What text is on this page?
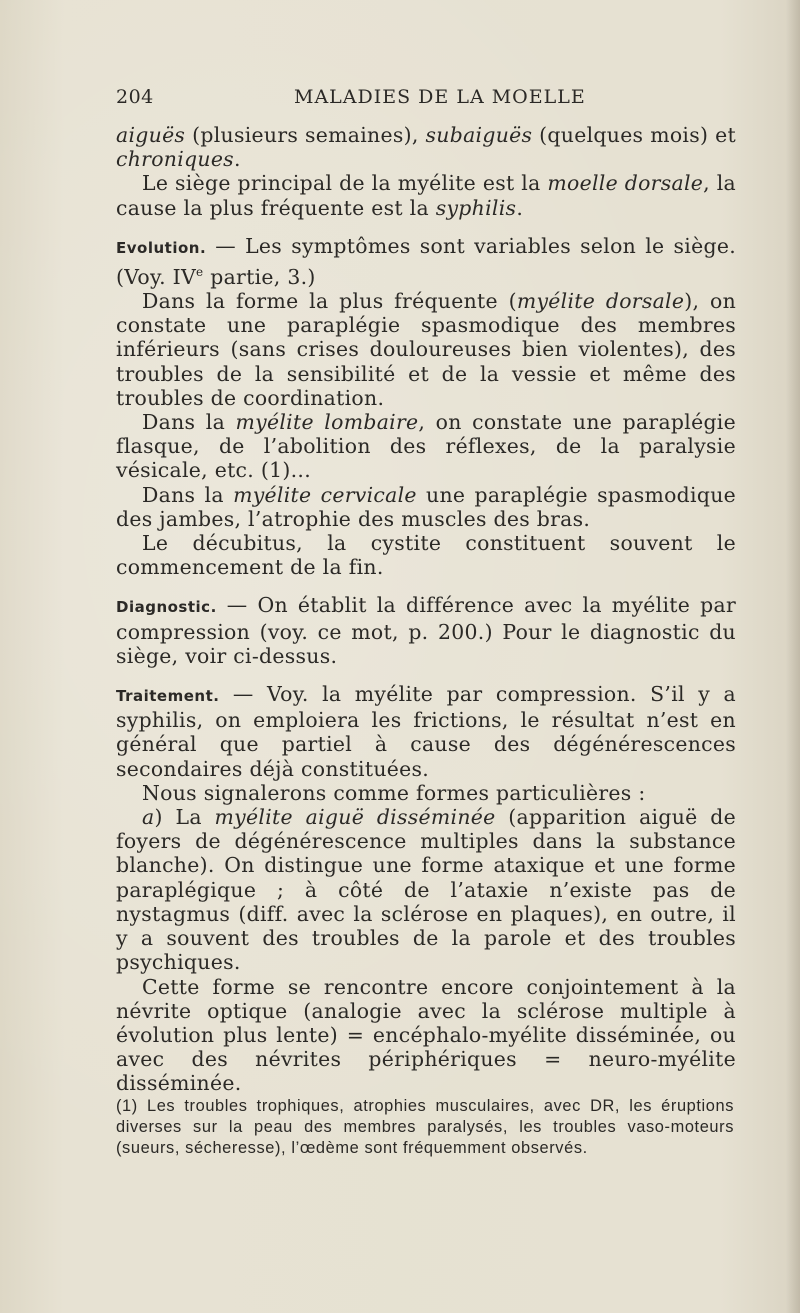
204	MALADIES DE LA MOELLE

aiguës (plusieurs semaines), subaiguës (quelques mois) et chroniques.

Le siège principal de la myélite est la moelle dorsale, la cause la plus fréquente est la syphilis.

Evolution. — Les symptômes sont variables selon le siège. (Voy. IVe partie, 3.)

Dans la forme la plus fréquente (myélite dorsale), on constate une paraplégie spasmodique des membres inférieurs (sans crises douloureuses bien violentes), des troubles de la sensibilité et de la vessie et même des troubles de coordination.

Dans la myélite lombaire, on constate une paraplégie flasque, de l’abolition des réflexes, de la paralysie vésicale, etc. (1)...

Dans la myélite cervicale une paraplégie spasmodique des jambes, l’atrophie des muscles des bras.

Le décubitus, la cystite constituent souvent le commencement de la fin.

Diagnostic. — On établit la différence avec la myélite par compression (voy. ce mot, p. 200.) Pour le diagnostic du siège, voir ci-dessus.

Traitement. — Voy. la myélite par compression. S’il y a syphilis, on emploiera les frictions, le résultat n’est en général que partiel à cause des dégénérescences secondaires déjà constituées.

Nous signalerons comme formes particulières :

a) La myélite aiguë disséminée (apparition aiguë de foyers de dégénérescence multiples dans la substance blanche). On distingue une forme ataxique et une forme paraplégique ; à côté de l’ataxie n’existe pas de nystagmus (diff. avec la sclérose en plaques), en outre, il y a souvent des troubles de la parole et des troubles psychiques.

Cette forme se rencontre encore conjointement à la névrite optique (analogie avec la sclérose multiple à évolution plus lente) = encéphalo-myélite disséminée, ou avec des névrites périphériques = neuro-myélite disséminée.

(1) Les troubles trophiques, atrophies musculaires, avec DR, les éruptions diverses sur la peau des membres paralysés, les troubles vaso-moteurs (sueurs, sécheresse), l’œdème sont fréquemment observés.
